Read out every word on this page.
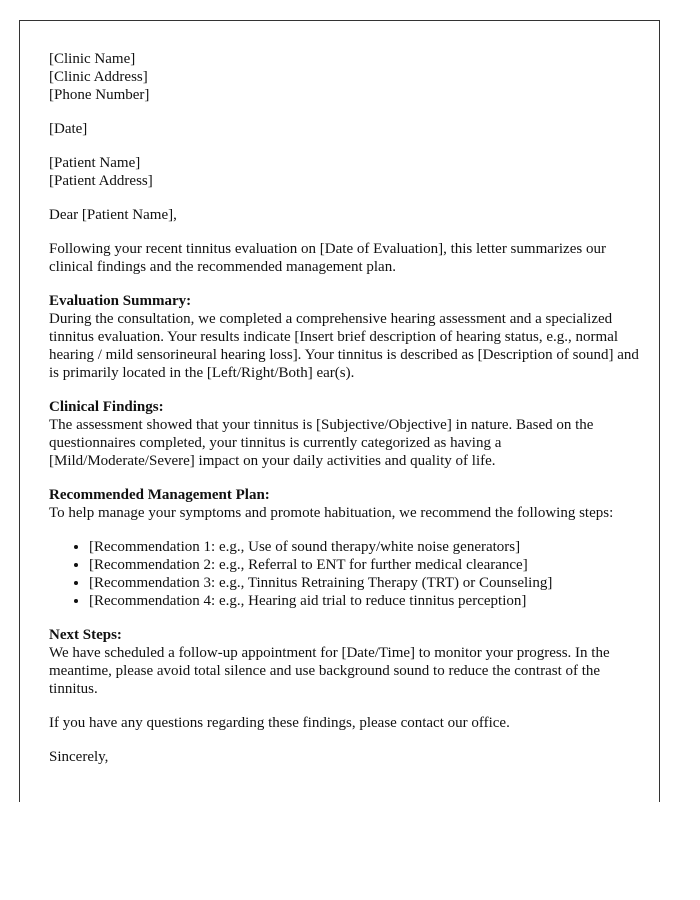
[Clinic Name]
[Clinic Address]
[Phone Number]
[Date]
[Patient Name]
[Patient Address]

Dear [Patient Name],

Following your recent tinnitus evaluation on [Date of Evaluation], this letter summarizes our clinical findings and the recommended management plan.

Evaluation Summary:
During the consultation, we completed a comprehensive hearing assessment and a specialized tinnitus evaluation. Your results indicate [Insert brief description of hearing status, e.g., normal hearing / mild sensorineural hearing loss]. Your tinnitus is described as [Description of sound] and is primarily located in the [Left/Right/Both] ear(s).
Clinical Findings:
The assessment showed that your tinnitus is [Subjective/Objective] in nature. Based on the questionnaires completed, your tinnitus is currently categorized as having a [Mild/Moderate/Severe] impact on your daily activities and quality of life.
Recommended Management Plan:
To help manage your symptoms and promote habituation, we recommend the following steps:
• [Recommendation 1: e.g., Use of sound therapy/white noise generators]
• [Recommendation 2: e.g., Referral to ENT for further medical clearance]
• [Recommendation 3: e.g., Tinnitus Retraining Therapy (TRT) or Counseling]
• [Recommendation 4: e.g., Hearing aid trial to reduce tinnitus perception]
Next Steps:
We have scheduled a follow-up appointment for [Date/Time] to monitor your progress. In the meantime, please avoid total silence and use background sound to reduce the contrast of the tinnitus.

If you have any questions regarding these findings, please contact our office.

Sincerely,
